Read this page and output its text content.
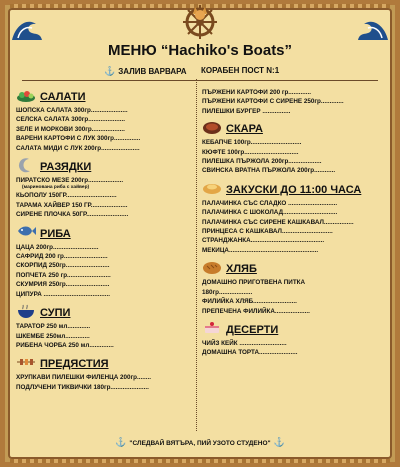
МЕНЮ “Hachiko's Boats”
⚓ ЗАЛИВ ВАРВАРА КОРАБЕН ПОСТ N:1
САЛАТИ
ШОПСКА САЛАТА 300гр.....................
СЕЛСКА САЛАТА 300гр.....................
ЗЕЛЕ И МОРКОВИ 300гр...................
ВАРЕНИ КАРТОФИ С ЛУК 300гр...............
САЛАТА МИДИ С ЛУК 200гр......................
РАЗЯДКИ
ПИРАТСКО МЕЗЕ 200гр....................
(маринована риба с хайвер)
КЬОПОЛУ 150ГР.............................
ТАРАМА ХАЙВЕР 150 ГР.....................
СИРЕНЕ ПЛОЧКА 50ГР........................
РИБА
ЦАЦА 200гр..........................
САФРИД 200 гр.........................
СКОРПИД 250гр.........................
ПОПЧЕТА 250 гр.........................
СКУМРИЯ 250гр.........................
ЦИПУРА ......................................
СУПИ
ТАРАТОР 250 мл.............
ШКЕМБЕ 250мл..............
РИБЕНА ЧОРБА 250 мл..............
ПРЕДЯСТИЯ
ХРУПКАВИ ПИЛЕШКИ ФИЛЕНЦА 200гр........
ПОДЛУЧЕНИ ТИКВИЧКИ 180гр......................
ПЪРЖЕНИ КАРТОФИ 200 гр.............
ПЪРЖЕНИ КАРТОФИ С СИРЕНЕ 250гр.............
ПИЛЕШКИ БУРГЕР ................
СКАРА
КЕБАПЧЕ 100гр.............................
КЮФТЕ 100гр...............................
ПИЛЕШКА ПЪРЖОЛА 200гр...................
СВИНСКА ВРАТНА ПЪРЖОЛА 200гр............
ЗАКУСКИ ДО 11:00 ЧАСА
ПАЛАЧИНКА СЪС СЛАДКО ............................
ПАЛАЧИНКА С ШОКОЛАД...............................
ПАЛАЧИНКА СЪС СИРЕНЕ КАШКАВАЛ.................
ПРИНЦЕСА С КАШКАВАЛ.............................
СТРАНДЖАНКА..........................................
МЕКИЦА...................................................
ХЛЯБ
ДОМАШНО ПРИГОТВЕНА ПИТКА
180гр...................
ФИЛИЙКА ХЛЯБ.........................
ПРЕПЕЧЕНА ФИЛИЙКА....................
ДЕСЕРТИ
ЧИЙЗ КЕЙК ...........................
ДОМАШНА ТОРТА......................
⚓ "СЛЕДВАЙ ВЯТЪРА, ПИЙ УЗОТО СТУДЕНО" ⚓
